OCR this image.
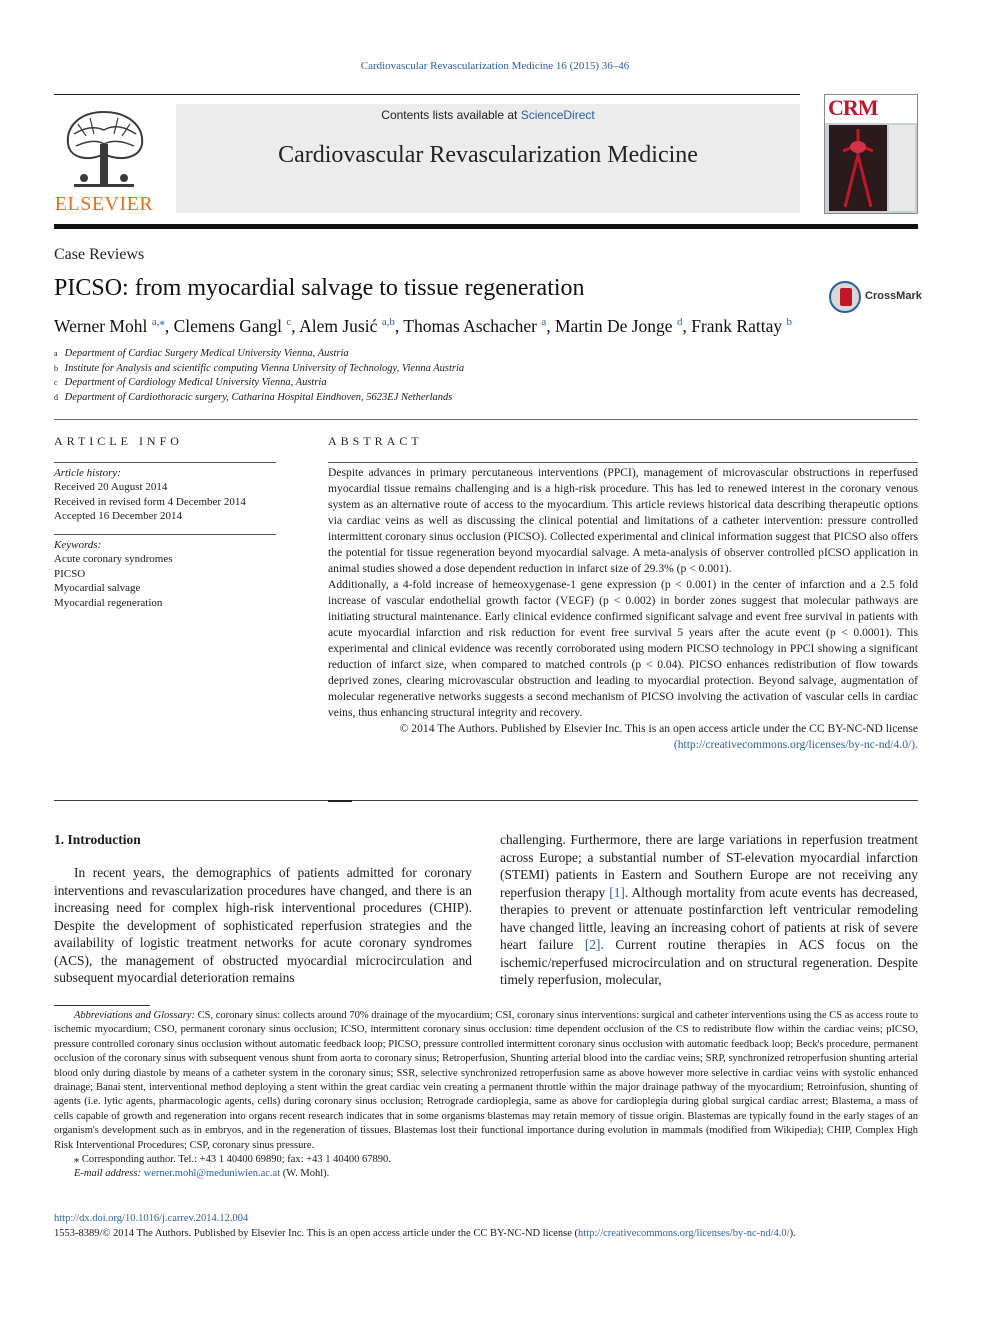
Cardiovascular Revascularization Medicine 16 (2015) 36–46
ELSEVIER
Contents lists available at ScienceDirect
Cardiovascular Revascularization Medicine
CRM
Case Reviews
PICSO: from myocardial salvage to tissue regeneration	CrossMark
Werner Mohl $^{a,⁎}$, Clemens Gangl $^c$, Alem Jusić $^{a,b}$, Thomas Aschacher $^a$, Martin De Jonge $^d$, Frank Rattay $^b$
a Department of Cardiac Surgery Medical University Vienna, Austria
b Institute for Analysis and scientific computing Vienna University of Technology, Vienna Austria
c Department of Cardiology Medical University Vienna, Austria
d Department of Cardiothoracic surgery, Catharina Hospital Eindhoven, 5623EJ Netherlands
ARTICLE INFO
Article history:
Received 20 August 2014
Received in revised form 4 December 2014
Accepted 16 December 2014
Keywords:
Acute coronary syndromes
PICSO
Myocardial salvage
Myocardial regeneration
ABSTRACT

Despite advances in primary percutaneous interventions (PPCI), management of microvascular obstructions in reperfused myocardial tissue remains challenging and is a high-risk procedure. This has led to renewed interest in the coronary venous system as an alternative route of access to the myocardium. This article reviews historical data describing therapeutic options via cardiac veins as well as discussing the clinical potential and limitations of a catheter intervention: pressure controlled intermittent coronary sinus occlusion (PICSO). Collected experimental and clinical information suggest that PICSO also offers the potential for tissue regeneration beyond myocardial salvage. A meta-analysis of observer controlled pICSO application in animal studies showed a dose dependent reduction in infarct size of 29.3% (p < 0.001).

Additionally, a 4-fold increase of hemeoxygenase-1 gene expression (p < 0.001) in the center of infarction and a 2.5 fold increase of vascular endothelial growth factor (VEGF) (p < 0.002) in border zones suggest that molecular pathways are initiating structural maintenance. Early clinical evidence confirmed significant salvage and event free survival in patients with acute myocardial infarction and risk reduction for event free survival 5 years after the acute event (p < 0.0001). This experimental and clinical evidence was recently corroborated using modern PICSO technology in PPCI showing a significant reduction of infarct size, when compared to matched controls (p < 0.04). PICSO enhances redistribution of flow towards deprived zones, clearing microvascular obstruction and leading to myocardial protection. Beyond salvage, augmentation of molecular regenerative networks suggests a second mechanism of PICSO involving the activation of vascular cells in cardiac veins, thus enhancing structural integrity and recovery.

© 2014 The Authors. Published by Elsevier Inc. This is an open access article under the CC BY-NC-ND license
(http://creativecommons.org/licenses/by-nc-nd/4.0/).

1. Introduction

In recent years, the demographics of patients admitted for coronary interventions and revascularization procedures have changed, and there is an increasing need for complex high-risk interventional procedures (CHIP). Despite the development of sophisticated reperfusion strategies and the availability of logistic treatment networks for acute coronary syndromes (ACS), the management of obstructed myocardial microcirculation and subsequent myocardial deterioration remains

challenging. Furthermore, there are large variations in reperfusion treatment across Europe; a substantial number of ST-elevation myocardial infarction (STEMI) patients in Eastern and Southern Europe are not receiving any reperfusion therapy [1]. Although mortality from acute events has decreased, therapies to prevent or attenuate postinfarction left ventricular remodeling have changed little, leaving an increasing cohort of patients at risk of severe heart failure [2]. Current routine therapies in ACS focus on the ischemic/reperfused microcirculation and on structural regeneration. Despite timely reperfusion, molecular,

Abbreviations and Glossary: CS, coronary sinus: collects around 70% drainage of the myocardium; CSI, coronary sinus interventions: surgical and catheter interventions using the CS as access route to ischemic myocardium; CSO, permanent coronary sinus occlusion; ICSO, intermittent coronary sinus occlusion: time dependent occlusion of the CS to redistribute flow within the cardiac veins; pICSO, pressure controlled coronary sinus occlusion without automatic feedback loop; PICSO, pressure controlled intermittent coronary sinus occlusion with automatic feedback loop; Beck's procedure, permanent occlusion of the coronary sinus with subsequent venous shunt from aorta to coronary sinus; Retroperfusion, Shunting arterial blood into the cardiac veins; SRP, synchronized retroperfusion shunting arterial blood only during diastole by means of a catheter system in the coronary sinus; SSR, selective synchronized retroperfusion same as above however more selective in cardiac veins with systolic enhanced drainage; Banai stent, interventional method deploying a stent within the great cardiac vein creating a permanent throttle within the major drainage pathway of the myocardium; Retroinfusion, shunting of agents (i.e. lytic agents, pharmacologic agents, cells) during coronary sinus occlusion; Retrograde cardioplegia, same as above for cardioplegia during global surgical cardiac arrest; Blastema, a mass of cells capable of growth and regeneration into organs recent research indicates that in some organisms blastemas may retain memory of tissue origin. Blastemas are typically found in the early stages of an organism's development such as in embryos, and in the regeneration of tissues. Blastemas lost their functional importance during evolution in mammals (modified from Wikipedia); CHIP, Complex High Risk Interventional Procedures; CSP, coronary sinus pressure.

⁎ Corresponding author. Tel.: +43 1 40400 69890; fax: +43 1 40400 67890.

E-mail address: werner.mohl@meduniwien.ac.at (W. Mohl).

http://dx.doi.org/10.1016/j.carrev.2014.12.004
1553-8389/© 2014 The Authors. Published by Elsevier Inc. This is an open access article under the CC BY-NC-ND license (http://creativecommons.org/licenses/by-nc-nd/4.0/).
